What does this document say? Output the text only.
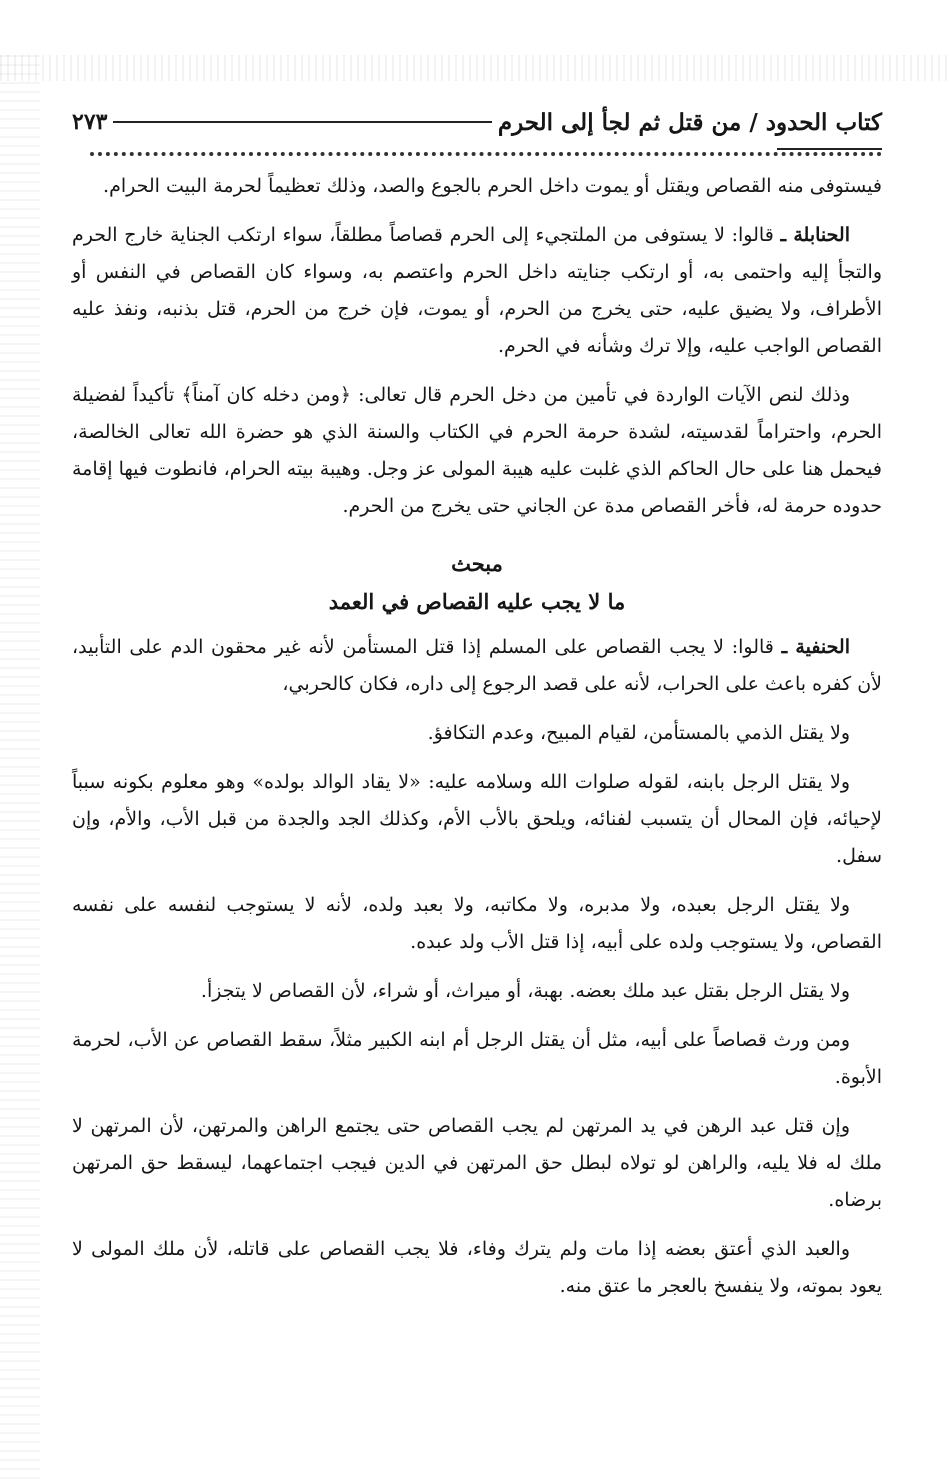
كتاب الحدود / من قتل ثم لجأ إلى الحرم
٢٧٣

فيستوفى منه القصاص ويقتل أو يموت داخل الحرم بالجوع والصد، وذلك تعظيماً لحرمة البيت الحرام.

الحنابلة ـ قالوا: لا يستوفى من الملتجيء إلى الحرم قصاصاً مطلقاً، سواء ارتكب الجناية خارج الحرم والتجأ إليه واحتمى به، أو ارتكب جنايته داخل الحرم واعتصم به، وسواء كان القصاص في النفس أو الأطراف، ولا يضيق عليه، حتى يخرج من الحرم، أو يموت، فإن خرج من الحرم، قتل بذنبه، ونفذ عليه القصاص الواجب عليه، وإلا ترك وشأنه في الحرم.

وذلك لنص الآيات الواردة في تأمين من دخل الحرم قال تعالى: ﴿ومن دخله كان آمناً﴾ تأكيداً لفضيلة الحرم، واحتراماً لقدسيته، لشدة حرمة الحرم في الكتاب والسنة الذي هو حضرة الله تعالى الخالصة، فيحمل هنا على حال الحاكم الذي غلبت عليه هيبة المولى عز وجل. وهيبة بيته الحرام، فانطوت فيها إقامة حدوده حرمة له، فأخر القصاص مدة عن الجاني حتى يخرج من الحرم.

مبحث

ما لا يجب عليه القصاص في العمد

الحنفية ـ قالوا: لا يجب القصاص على المسلم إذا قتل المستأمن لأنه غير محقون الدم على التأبيد، لأن كفره باعث على الحراب، لأنه على قصد الرجوع إلى داره، فكان كالحربي،

ولا يقتل الذمي بالمستأمن، لقيام المبيح، وعدم التكافؤ.

ولا يقتل الرجل بابنه، لقوله صلوات الله وسلامه عليه: «لا يقاد الوالد بولده» وهو معلوم بكونه سبباً لإحيائه، فإن المحال أن يتسبب لفنائه، ويلحق بالأب الأم، وكذلك الجد والجدة من قبل الأب، والأم، وإن سفل.

ولا يقتل الرجل بعبده، ولا مدبره، ولا مكاتبه، ولا بعبد ولده، لأنه لا يستوجب لنفسه على نفسه القصاص، ولا يستوجب ولده على أبيه، إذا قتل الأب ولد عبده.

ولا يقتل الرجل بقتل عبد ملك بعضه. بهبة، أو ميراث، أو شراء، لأن القصاص لا يتجزأ.

ومن ورث قصاصاً على أبيه، مثل أن يقتل الرجل أم ابنه الكبير مثلاً، سقط القصاص عن الأب، لحرمة الأبوة.

وإن قتل عبد الرهن في يد المرتهن لم يجب القصاص حتى يجتمع الراهن والمرتهن، لأن المرتهن لا ملك له فلا يليه، والراهن لو تولاه لبطل حق المرتهن في الدين فيجب اجتماعهما، ليسقط حق المرتهن برضاه.

والعبد الذي أعتق بعضه إذا مات ولم يترك وفاء، فلا يجب القصاص على قاتله، لأن ملك المولى لا يعود بموته، ولا ينفسخ بالعجر ما عتق منه.
